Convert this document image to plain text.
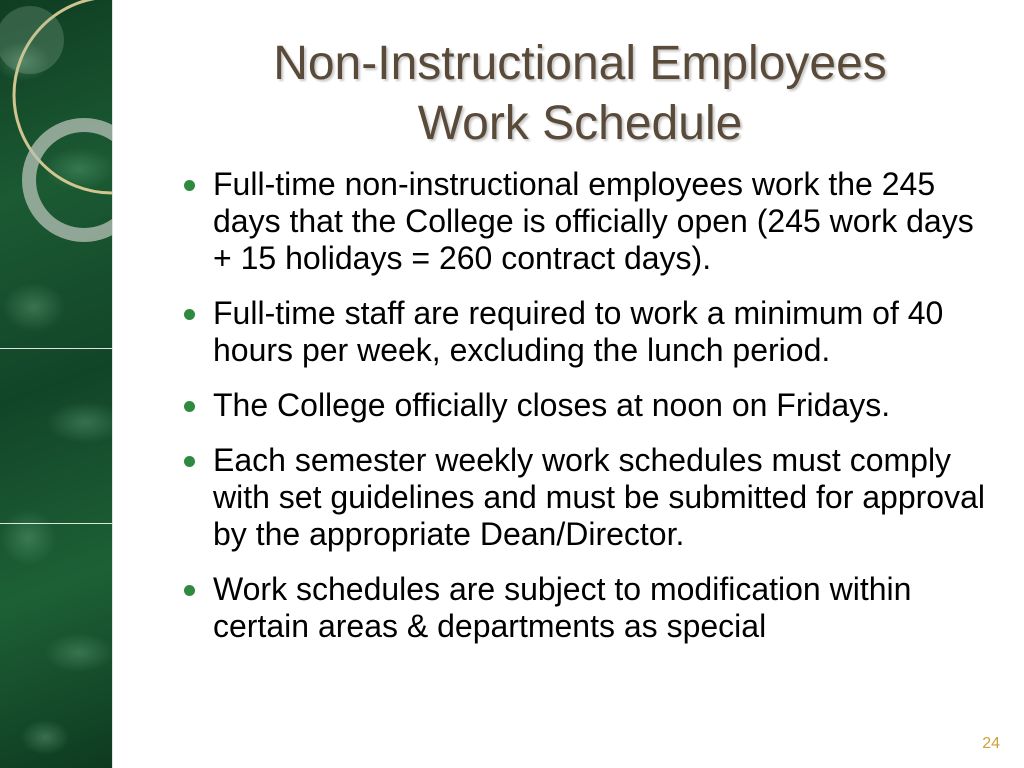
Non-Instructional Employees
Work Schedule
Full-time non-instructional employees work the 245 days that the College is officially open (245 work days + 15 holidays = 260 contract days).
Full-time staff are required to work a minimum of 40 hours per week, excluding the lunch period.
The College officially closes at noon on Fridays.
Each semester weekly work schedules must comply with set guidelines and must be submitted for approval by the appropriate Dean/Director.
Work schedules are subject to modification within certain areas & departments as special
24
